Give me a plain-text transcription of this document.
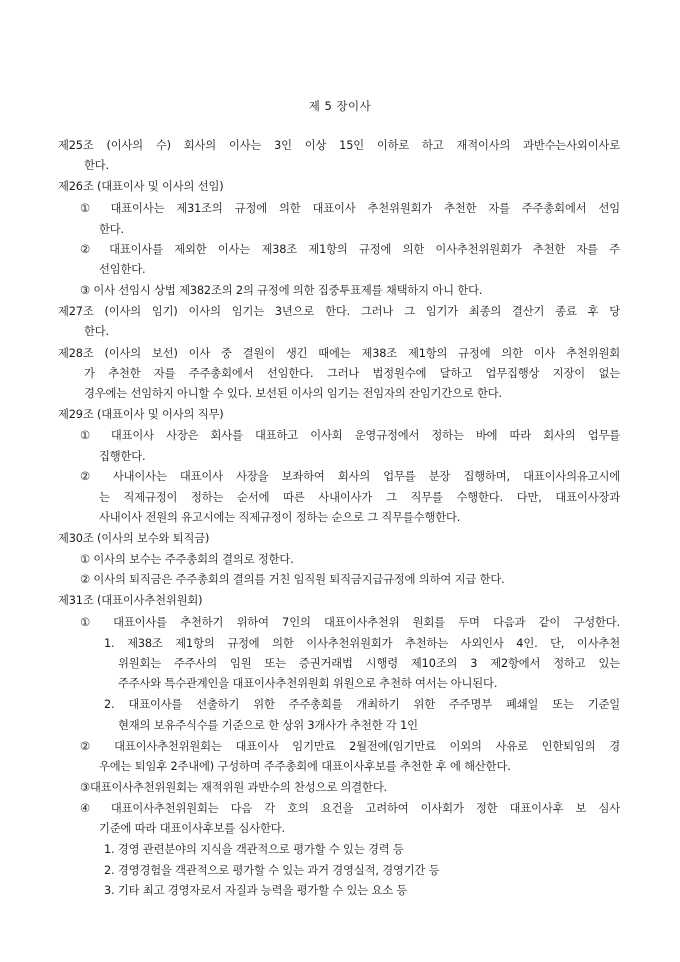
제 5 장이사
제25조 (이사의 수) 회사의 이사는 3인 이상 15인 이하로 하고 재적이사의 과반수는사외이사로
한다.
제26조 (대표이사 및 이사의 선임)
① 대표이사는 제31조의 규정에 의한 대표이사 추천위원회가 추천한 자를 주주총회에서 선임
한다.
② 대표이사를 제외한 이사는 제38조 제1항의 규정에 의한 이사추천위원회가 추천한 자를 주
선임한다.
③ 이사 선임시 상법 제382조의 2의 규정에 의한 집중투표제를 채택하지 아니 한다.
제27조 (이사의 임기) 이사의 임기는 3년으로 한다. 그러나 그 임기가 최종의 결산기 종료 후 당
한다.
제28조 (이사의 보선) 이사 중 결원이 생긴 때에는 제38조 제1항의 규정에 의한 이사 추천위원회
가 추천한 자를 주주총회에서 선임한다. 그러나 법정원수에 달하고 업무집행상 지장이 없는
경우에는 선임하지 아니할 수 있다. 보선된 이사의 임기는 전임자의 잔임기간으로 한다.
제29조 (대표이사 및 이사의 직무)
① 대표이사 사장은 회사를 대표하고 이사회 운영규정에서 정하는 바에 따라 회사의 업무를
집행한다.
② 사내이사는 대표이사 사장을 보좌하여 회사의 업무를 분장 집행하며, 대표이사의유고시에
는 직제규정이 정하는 순서에 따른 사내이사가 그 직무를 수행한다. 다만, 대표이사장과
사내이사 전원의 유고시에는 직제규정이 정하는 순으로 그 직무를수행한다.
제30조 (이사의 보수와 퇴직금)
① 이사의 보수는 주주총회의 결의로 정한다.
② 이사의 퇴직금은 주주총회의 결의를 거친 임직원 퇴직금지급규정에 의하여 지급 한다.
제31조 (대표이사추천위원회)
① 대표이사를 추천하기 위하여 7인의 대표이사추천위 원회를 두며 다음과 같이 구성한다.
1. 제38조 제1항의 규정에 의한 이사추천위원회가 추천하는 사외인사 4인. 단, 이사추천
위원회는 주주사의 임원 또는 증권거래법 시행령 제10조의 3 제2항에서 정하고 있는
주주사와 특수관계인을 대표이사추천위원회 위원으로 추천하 여서는 아니된다.
2. 대표이사를 선출하기 위한 주주총회를 개최하기 위한 주주명부 폐쇄일 또는 기준일
현재의 보유주식수를 기준으로 한 상위 3개사가 추천한 각 1인
② 대표이사추천위원회는 대표이사 임기만료 2월전에(임기만료 이외의 사유로 인한퇴임의 경
우에는 퇴임후 2주내에) 구성하며 주주총회에 대표이사후보를 추천한 후 에 해산한다.
③대표이사추천위원회는 재적위원 과반수의 찬성으로 의결한다.
④ 대표이사추천위원회는 다음 각 호의 요건을 고려하여 이사회가 정한 대표이사후 보 심사
기준에 따라 대표이사후보를 심사한다.
1. 경영 관련분야의 지식을 객관적으로 평가할 수 있는 경력 등
2. 경영경험을 객관적으로 평가할 수 있는 과거 경영실적, 경영기간 등
3. 기타 최고 경영자로서 자질과 능력을 평가할 수 있는 요소 등
